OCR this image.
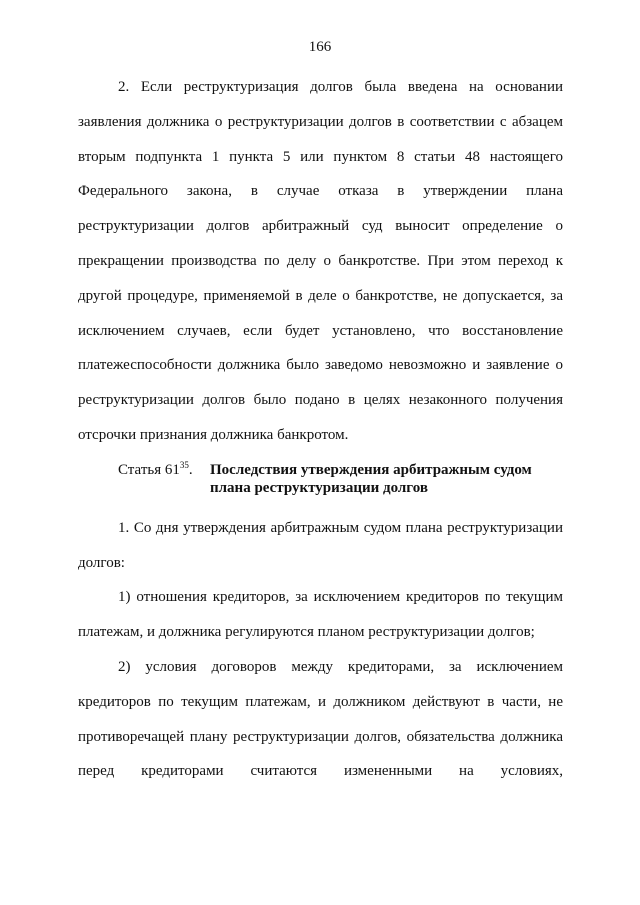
166

2. Если реструктуризация долгов была введена на основании заявления должника о реструктуризации долгов в соответствии с абзацем вторым подпункта 1 пункта 5 или пунктом 8 статьи 48 настоящего Федерального закона, в случае отказа в утверждении плана реструктуризации долгов арбитражный суд выносит определение о прекращении производства по делу о банкротстве. При этом переход к другой процедуре, применяемой в деле о банкротстве, не допускается, за исключением случаев, если будет установлено, что восстановление платежеспособности должника было заведомо невозможно и заявление о реструктуризации долгов было подано в целях незаконного получения отсрочки признания должника банкротом.

Статья $61^{35}$.	Последствия утверждения арбитражным судом
плана реструктуризации долгов

1. Со дня утверждения арбитражным судом плана реструктуризации долгов:

1) отношения кредиторов, за исключением кредиторов по текущим платежам, и должника регулируются планом реструктуризации долгов;

2) условия договоров между кредиторами, за исключением кредиторов по текущим платежам, и должником действуют в части, не противоречащей плану реструктуризации долгов, обязательства должника перед кредиторами считаются измененными на условиях,
